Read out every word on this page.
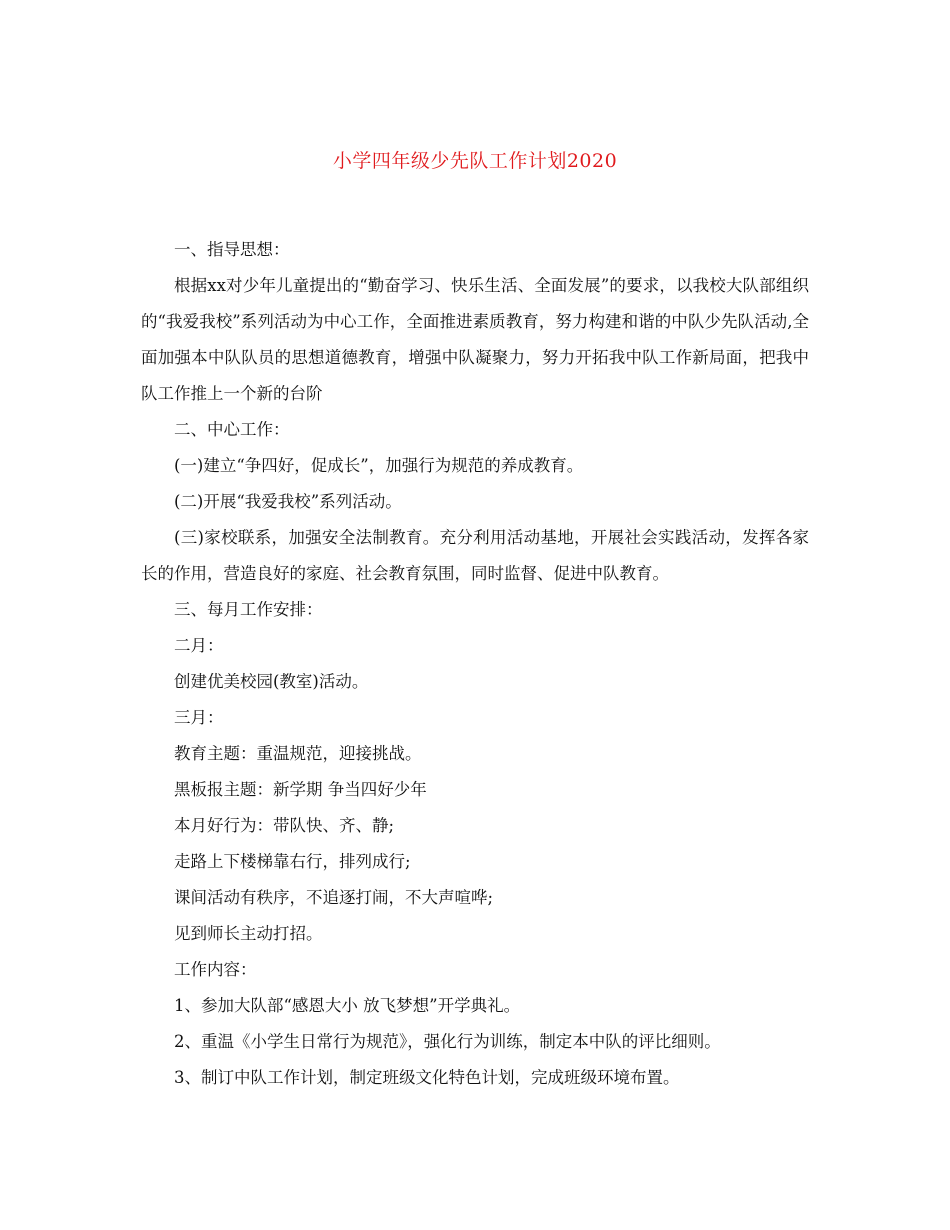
小学四年级少先队工作计划2020

一、指导思想：

根据xx对少年儿童提出的“勤奋学习、快乐生活、全面发展”的要求，以我校大队部组织的“我爱我校”系列活动为中心工作，全面推进素质教育，努力构建和谐的中队少先队活动,全面加强本中队队员的思想道德教育，增强中队凝聚力，努力开拓我中队工作新局面，把我中队工作推上一个新的台阶

二、中心工作：

(一)建立“争四好，促成长”，加强行为规范的养成教育。

(二)开展“我爱我校”系列活动。

(三)家校联系，加强安全法制教育。充分利用活动基地，开展社会实践活动，发挥各家长的作用，营造良好的家庭、社会教育氛围，同时监督、促进中队教育。

三、每月工作安排：

二月：

创建优美校园(教室)活动。

三月：

教育主题：重温规范，迎接挑战。

黑板报主题：新学期 争当四好少年

本月好行为：带队快、齐、静;

走路上下楼梯靠右行，排列成行;

课间活动有秩序，不追逐打闹，不大声喧哗;

见到师长主动打招。

工作内容：

1、参加大队部“感恩大小 放飞梦想”开学典礼。

2、重温《小学生日常行为规范》，强化行为训练，制定本中队的评比细则。

3、制订中队工作计划，制定班级文化特色计划，完成班级环境布置。
